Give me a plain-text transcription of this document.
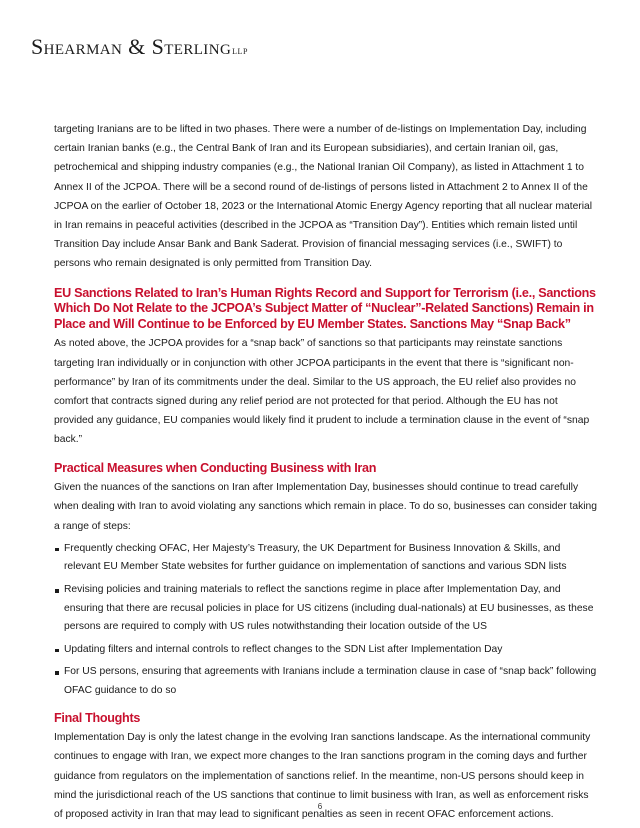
Shearman & SterlingLLP

targeting Iranians are to be lifted in two phases. There were a number of de-listings on Implementation Day, including certain Iranian banks (e.g., the Central Bank of Iran and its European subsidiaries), and certain Iranian oil, gas, petrochemical and shipping industry companies (e.g., the National Iranian Oil Company), as listed in Attachment 1 to Annex II of the JCPOA. There will be a second round of de-listings of persons listed in Attachment 2 to Annex II of the JCPOA on the earlier of October 18, 2023 or the International Atomic Energy Agency reporting that all nuclear material in Iran remains in peaceful activities (described in the JCPOA as “Transition Day”). Entities which remain listed until Transition Day include Ansar Bank and Bank Saderat. Provision of financial messaging services (i.e., SWIFT) to persons who remain designated is only permitted from Transition Day.

EU Sanctions Related to Iran’s Human Rights Record and Support for Terrorism (i.e., Sanctions Which Do Not Relate to the JCPOA’s Subject Matter of “Nuclear”-Related Sanctions) Remain in Place and Will Continue to be Enforced by EU Member States. Sanctions May “Snap Back”

As noted above, the JCPOA provides for a “snap back” of sanctions so that participants may reinstate sanctions targeting Iran individually or in conjunction with other JCPOA participants in the event that there is “significant non-performance” by Iran of its commitments under the deal. Similar to the US approach, the EU relief also provides no comfort that contracts signed during any relief period are not protected for that period. Although the EU has not provided any guidance, EU companies would likely find it prudent to include a termination clause in the event of “snap back.”

Practical Measures when Conducting Business with Iran

Given the nuances of the sanctions on Iran after Implementation Day, businesses should continue to tread carefully when dealing with Iran to avoid violating any sanctions which remain in place. To do so, businesses can consider taking a range of steps:

Frequently checking OFAC, Her Majesty’s Treasury, the UK Department for Business Innovation & Skills, and relevant EU Member State websites for further guidance on implementation of sanctions and various SDN lists
Revising policies and training materials to reflect the sanctions regime in place after Implementation Day, and ensuring that there are recusal policies in place for US citizens (including dual-nationals) at EU businesses, as these persons are required to comply with US rules notwithstanding their location outside of the US
Updating filters and internal controls to reflect changes to the SDN List after Implementation Day
For US persons, ensuring that agreements with Iranians include a termination clause in case of “snap back” following OFAC guidance to do so
Final Thoughts

Implementation Day is only the latest change in the evolving Iran sanctions landscape. As the international community continues to engage with Iran, we expect more changes to the Iran sanctions program in the coming days and further guidance from regulators on the implementation of sanctions relief. In the meantime, non-US persons should keep in mind the jurisdictional reach of the US sanctions that continue to limit business with Iran, as well as enforcement risks of proposed activity in Iran that may lead to significant penalties as seen in recent OFAC enforcement actions.

6
